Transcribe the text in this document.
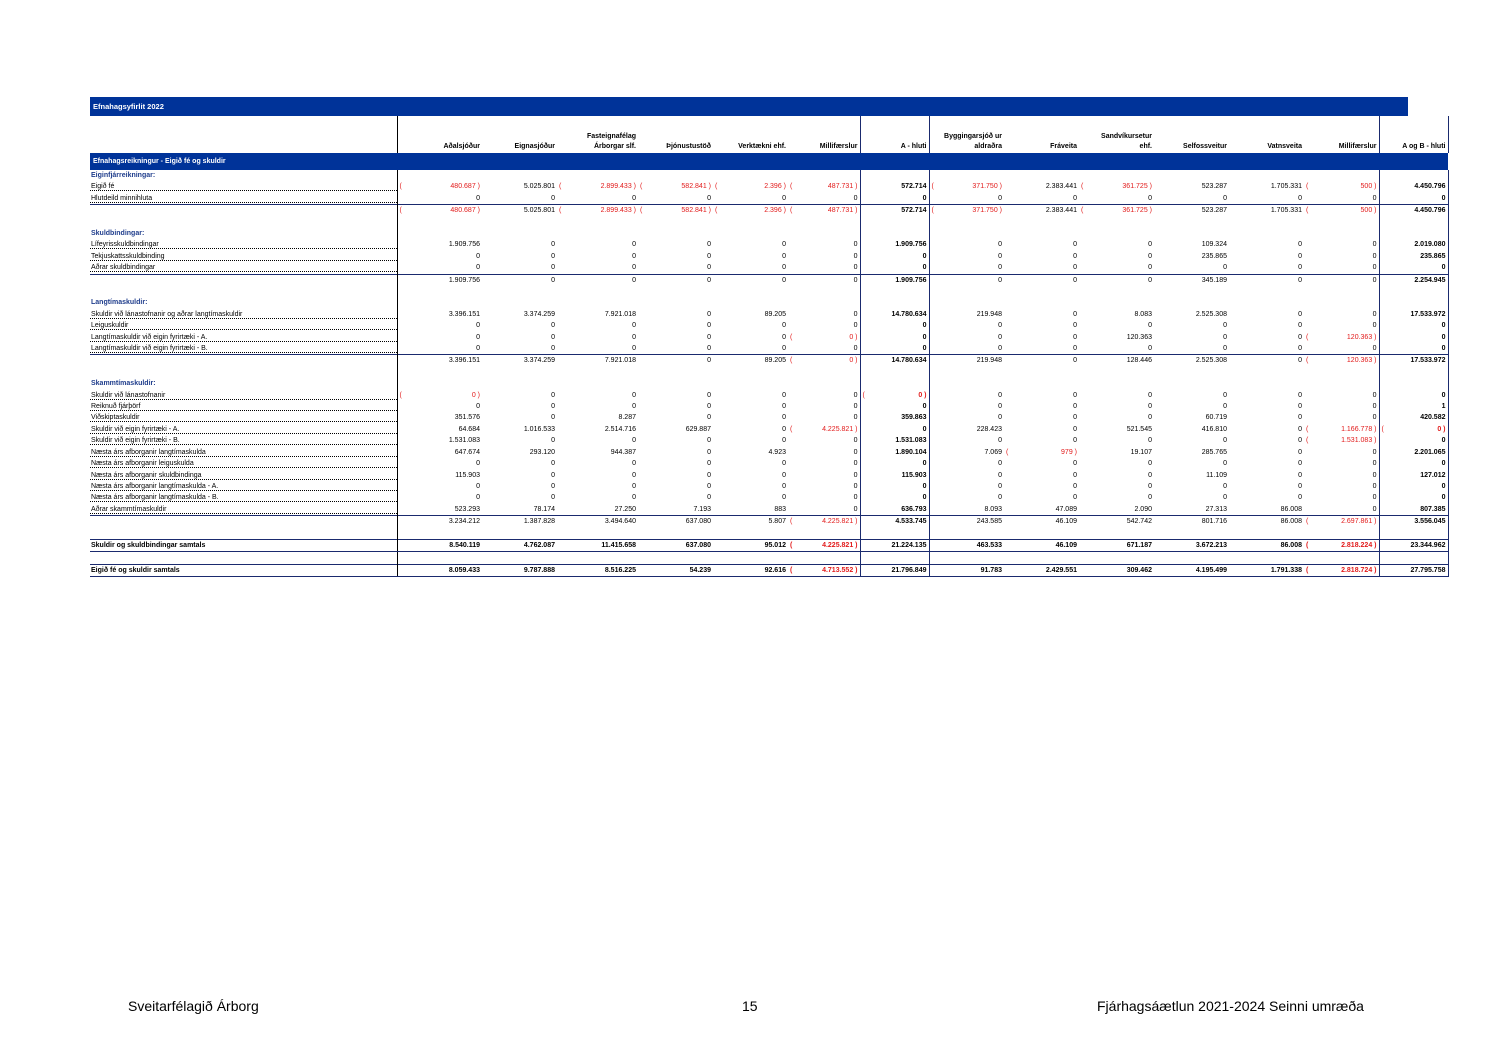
Efnahagsyfirlit 2022
		Aðalsjóður		Eignasjóður		Fasteignafélag Árborgar slf.		Þjónustustöð		Verktækni ehf.		Millifærslur		A - hluti		Byggingarsjóð ur aldraðra		Fráveita		Sandvíkursetur ehf.		Selfossveitur		Vatnsveita		Millifærslur		A og B - hluti
Efnahagsreikningur - Eigið fé og skuldir																												
Eiginfjárreikningar:																												
Eigið fé	(	480.687 )		5.025.801	(	2.899.433 )	(	582.841 )	(	2.396 )	(	487.731 )		572.714	(	371.750 )		2.383.441	(	361.725 )		523.287		1.705.331	(	500 )		4.450.796
Hlutdeild minnihluta		0		0		0		0		0		0		0		0		0		0		0		0		0		0
	(	480.687 )		5.025.801	(	2.899.433 )	(	582.841 )	(	2.396 )	(	487.731 )		572.714	(	371.750 )		2.383.441	(	361.725 )		523.287		1.705.331	(	500 )		4.450.796

Skuldbindingar:																												
Lífeyrisskuldbindingar		1.909.756		0		0		0		0		0		1.909.756		0		0		0		109.324		0		0		2.019.080
Tekjuskattsskuldbinding		0		0		0		0		0		0		0		0		0		0		235.865		0		0		235.865
Aðrar skuldbindingar		0		0		0		0		0		0		0		0		0		0		0		0		0		0
		1.909.756		0		0		0		0		0		1.909.756		0		0		0		345.189		0		0		2.254.945

Langtímaskuldir:																												
Skuldir við lánastofnanir og aðrar langtímaskuldir		3.396.151		3.374.259		7.921.018		0		89.205		0		14.780.634		219.948		0		8.083		2.525.308		0		0		17.533.972
Leiguskuldir		0		0		0		0		0		0		0		0		0		0		0		0		0		0
Langtímaskuldir við eigin fyrirtæki - A.		0		0		0		0		0	(	0 )		0		0		0		120.363		0		0	(	120.363 )		0
Langtímaskuldir við eigin fyrirtæki - B.		0		0		0		0		0		0		0		0		0		0		0		0		0		0
		3.396.151		3.374.259		7.921.018		0		89.205	(	0 )		14.780.634		219.948		0		128.446		2.525.308		0	(	120.363 )		17.533.972

Skammtímaskuldir:																												
Skuldir við lánastofnanir	(	0 )		0		0		0		0		0	(	0 )		0		0		0		0		0		0		0
Reiknuð fjárþörf		0		0		0		0		0		0		0		0		0		0		0		0		0		1
Viðskiptaskuldir		351.576		0		8.287		0		0		0		359.863		0		0		0		60.719		0		0		420.582
Skuldir við eigin fyrirtæki - A.		64.684		1.016.533		2.514.716		629.887		0	(	4.225.821 )		0		228.423		0		521.545		416.810		0	(	1.166.778 )	(	0 )
Skuldir við eigin fyrirtæki - B.		1.531.083		0		0		0		0		0		1.531.083		0		0		0		0		0	(	1.531.083 )		0
Næsta árs afborganir langtímaskulda		647.674		293.120		944.387		0		4.923		0		1.890.104		7.069	(	979 )		19.107		285.765		0		0		2.201.065
Næsta árs afborganir leiguskulda		0		0		0		0		0		0		0		0		0		0		0		0		0		0
Næsta árs afborganir skuldbindinga		115.903		0		0		0		0		0		115.903		0		0		0		11.109		0		0		127.012
Næsta árs afborganir langtímaskulda - A.		0		0		0		0		0		0		0		0		0		0		0		0		0		0
Næsta árs afborganir langtímaskulda - B.		0		0		0		0		0		0		0		0		0		0		0		0		0		0
Aðrar skammtímaskuldir		523.293		78.174		27.250		7.193		883		0		636.793		8.093		47.089		2.090		27.313		86.008		0		807.385
		3.234.212		1.387.828		3.494.640		637.080		5.807	(	4.225.821 )		4.533.745		243.585		46.109		542.742		801.716		86.008	(	2.697.861 )		3.556.045

Skuldir og skuldbindingar samtals		8.540.119		4.762.087		11.415.658		637.080		95.012	(	4.225.821 )		21.224.135		463.533		46.109		671.187		3.672.213		86.008	(	2.818.224 )		23.344.962

Eigið fé og skuldir samtals		8.059.433		9.787.888		8.516.225		54.239		92.616	(	4.713.552 )		21.796.849		91.783		2.429.551		309.462		4.195.499		1.791.338	(	2.818.724 )		27.795.758
Sveitarfélagið Árborg	15	Fjárhagsáætlun 2021-2024 Seinni umræða
